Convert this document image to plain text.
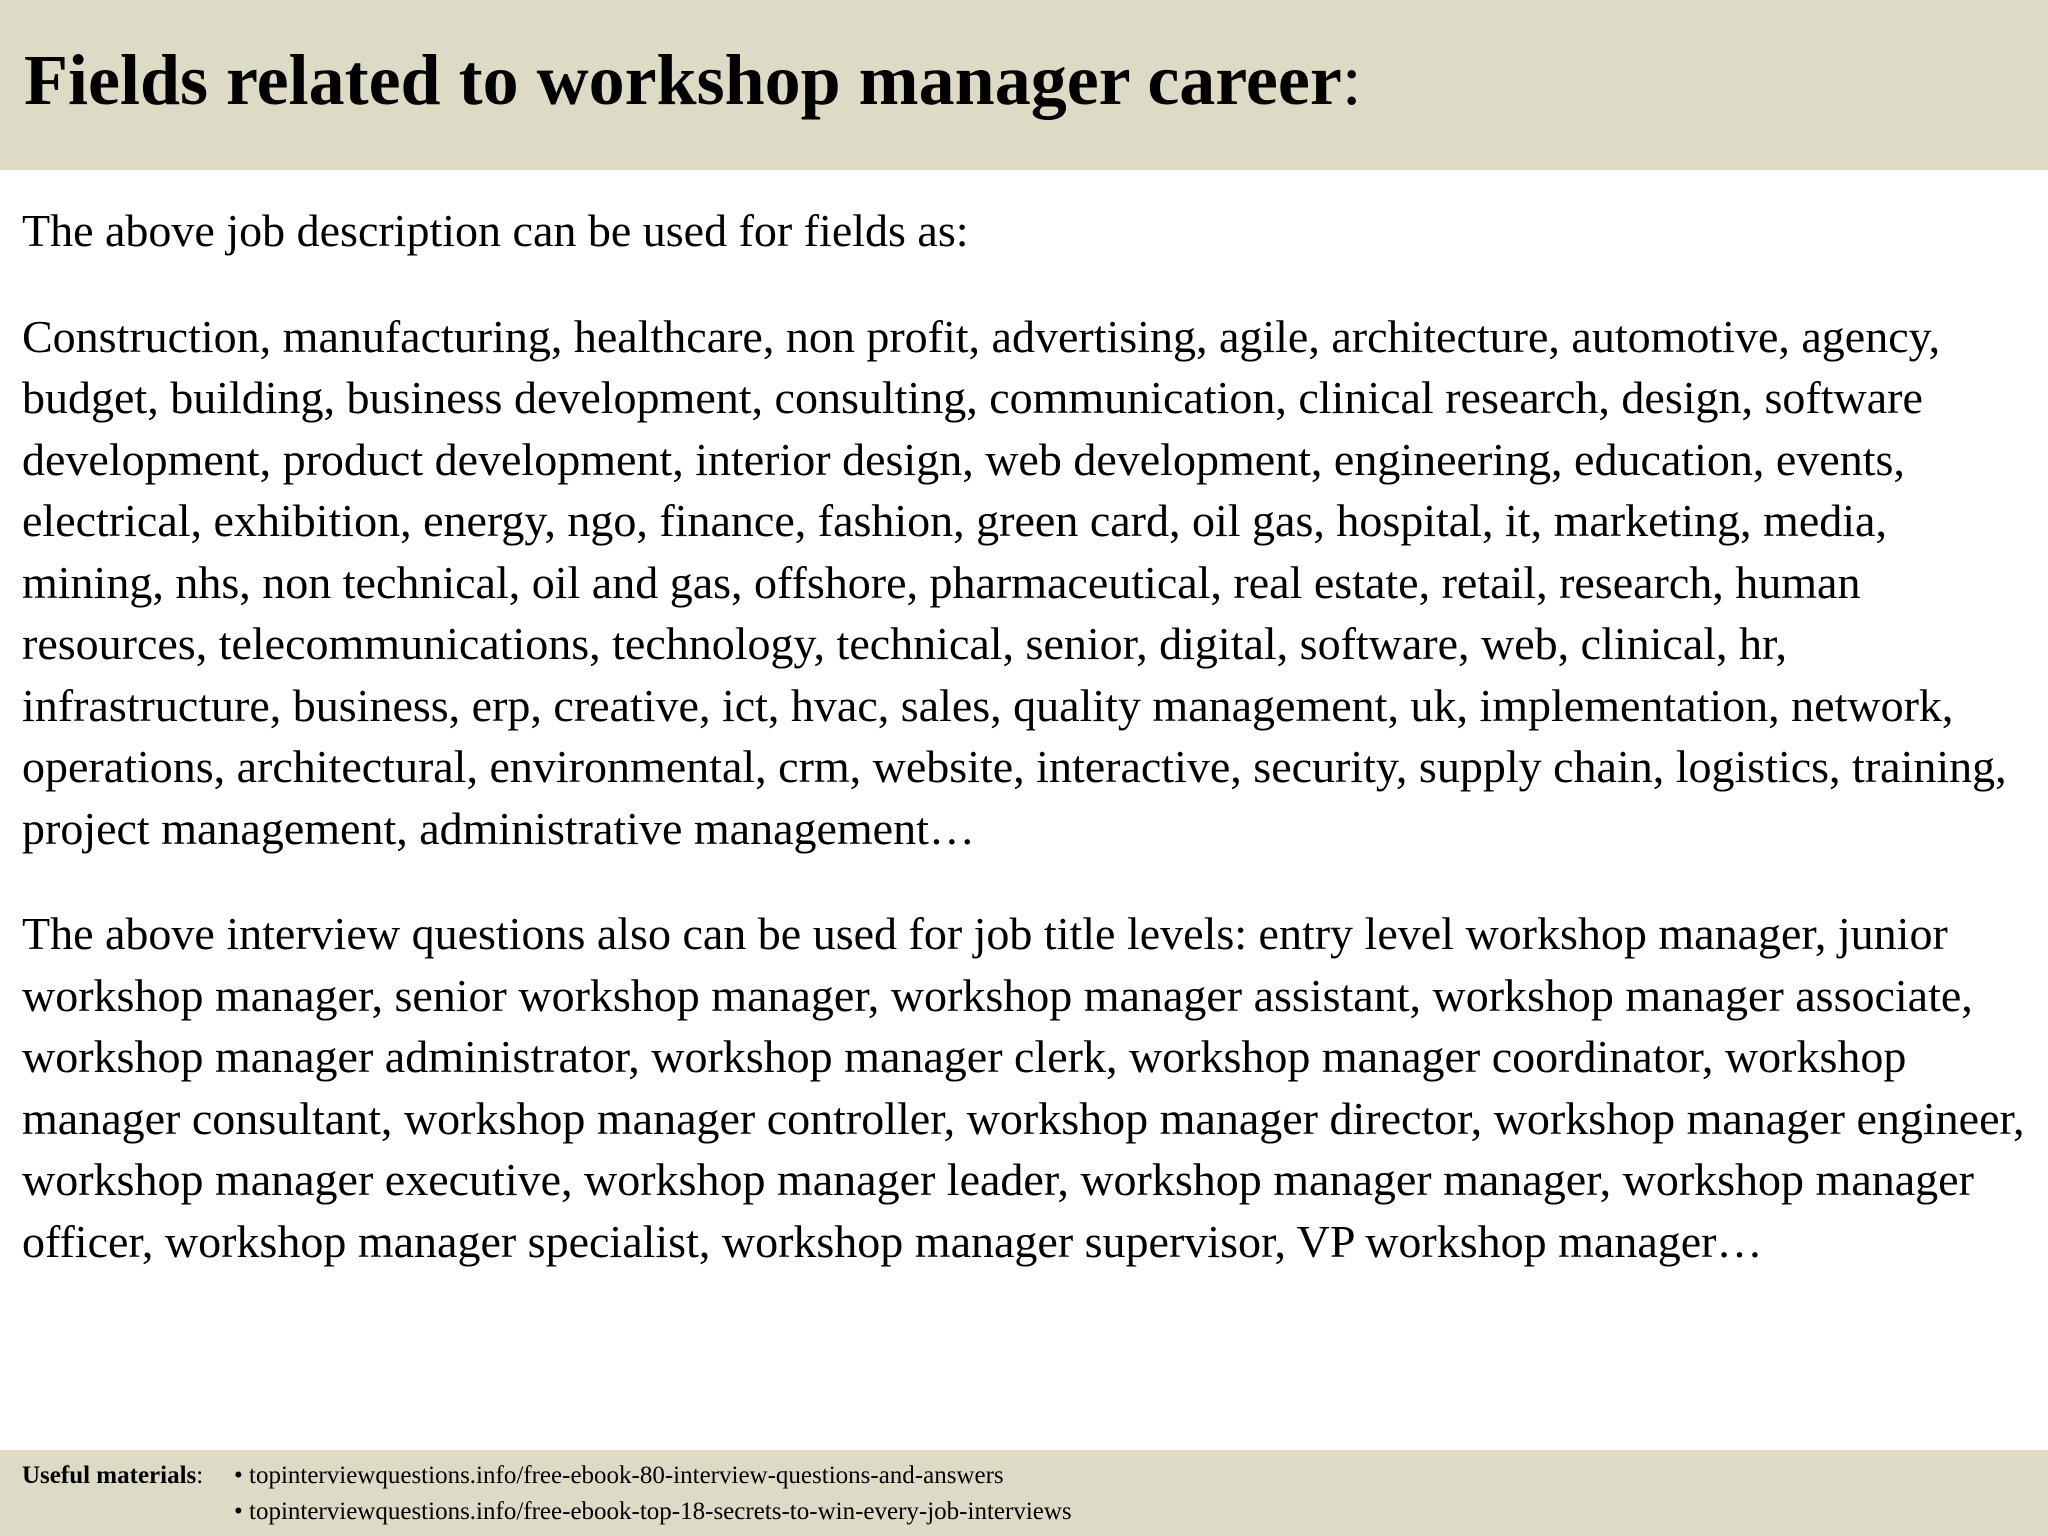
Fields related to workshop manager career:

The above job description can be used for fields as:

Construction, manufacturing, healthcare, non profit, advertising, agile, architecture, automotive, agency, budget, building, business development, consulting, communication, clinical research, design, software development, product development, interior design, web development, engineering, education, events, electrical, exhibition, energy, ngo, finance, fashion, green card, oil gas, hospital, it, marketing, media, mining, nhs, non technical, oil and gas, offshore, pharmaceutical, real estate, retail, research, human resources, telecommunications, technology, technical, senior, digital, software, web, clinical, hr, infrastructure, business, erp, creative, ict, hvac, sales, quality management, uk, implementation, network, operations, architectural, environmental, crm, website, interactive, security, supply chain, logistics, training, project management, administrative management…

The above interview questions also can be used for job title levels: entry level workshop manager, junior workshop manager, senior workshop manager, workshop manager assistant, workshop manager associate, workshop manager administrator, workshop manager clerk, workshop manager coordinator, workshop manager consultant, workshop manager controller, workshop manager director, workshop manager engineer, workshop manager executive, workshop manager leader, workshop manager manager, workshop manager officer, workshop manager specialist, workshop manager supervisor, VP workshop manager…

Useful materials: • topinterviewquestions.info/free-ebook-80-interview-questions-and-answers
• topinterviewquestions.info/free-ebook-top-18-secrets-to-win-every-job-interviews
